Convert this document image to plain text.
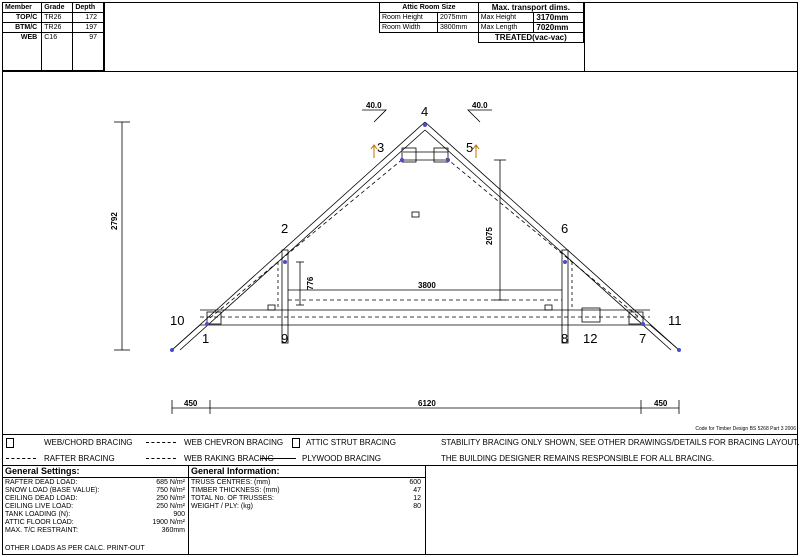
Member	Grade	Depth
TOP/C	TR26	172
BTM/C	TR26	197
WEB	C16	97
Attic Room Size		Max. transport dims.	
Room Height	2075mm	Max Height	3170mm
Room Width	3800mm	Max Length	7020mm
		TREATED(vac-vac)	
4
3	5
2	6
10	11
1	9	8 12	7
40.0	40.0
2792
2075
776	3800
450	6120	450
Code for Timber Design BS 5268 Part 3 2006
WEB/CHORD BRACING	WEB CHEVRON BRACING	ATTIC STRUT BRACING	STABILITY BRACING ONLY SHOWN, SEE OTHER DRAWINGS/DETAILS FOR BRACING LAYOUT.
RAFTER BRACING	WEB RAKING BRACING	PLYWOOD BRACING	THE BUILDING DESIGNER REMAINS RESPONSIBLE FOR ALL BRACING.
General Settings:	General Information:
RAFTER DEAD LOAD:	685 N/m²
SNOW LOAD (BASE VALUE):	750 N/m²
CEILING DEAD LOAD:	250 N/m²
CEILING LIVE LOAD:	250 N/m²
TANK LOADING (N):	900
ATTIC FLOOR LOAD:	1900 N/m²
MAX. T/C RESTRAINT:	360mm
OTHER LOADS AS PER CALC. PRINT-OUT
TRUSS CENTRES: (mm)	600
TIMBER THICKNESS: (mm)	47
TOTAL No. OF TRUSSES:	12
WEIGHT / PLY: (kg)	80
